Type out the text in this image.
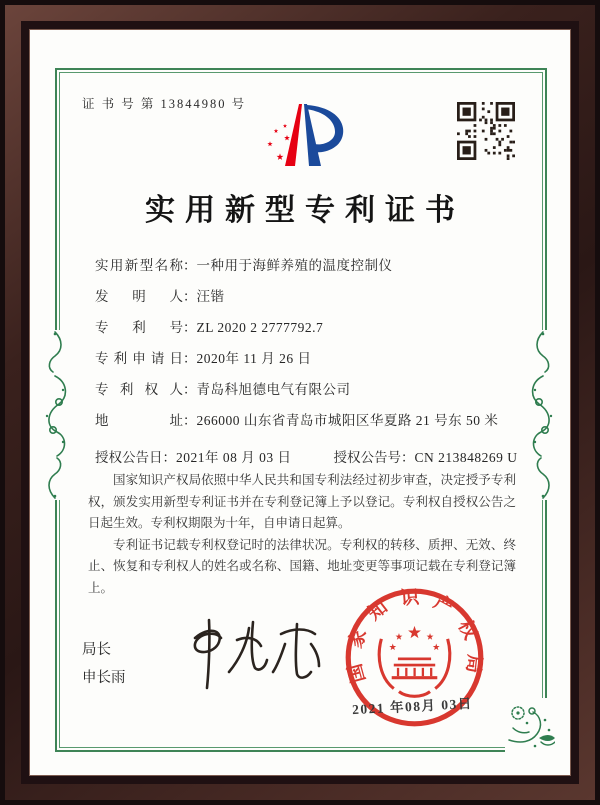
证 书 号 第 13844980 号
实用新型专利证书
实用新型名称：一种用于海鲜养殖的温度控制仪
发明人：汪锴
专利号：ZL 2020 2 2777792.7
专利申请日：2020年 11 月 26 日
专利权人：青岛科旭德电气有限公司
地址：266000 山东省青岛市城阳区华夏路 21 号东 50 米
授权公告日：2021年 08 月 03 日	授权公告号：CN 213848269 U

国家知识产权局依照中华人民共和国专利法经过初步审查，决定授予专利权，颁发实用新型专利证书并在专利登记簿上予以登记。专利权自授权公告之日起生效。专利权期限为十年，自申请日起算。

专利证书记载专利权登记时的法律状况。专利权的转移、质押、无效、终止、恢复和专利权人的姓名或名称、国籍、地址变更等事项记载在专利登记簿上。

局长
申长雨	国家知识产权局
2021 年08月 03日
